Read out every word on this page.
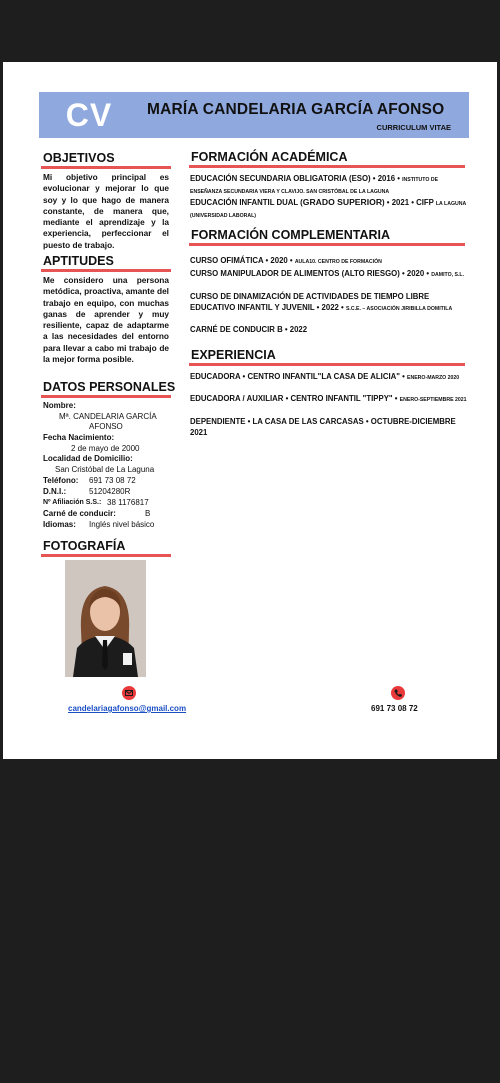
CV	MARÍA CANDELARIA GARCÍA AFONSO
CURRICULUM VITAE
OBJETIVOS
Mi objetivo principal es evolucionar y mejorar lo que soy y lo que hago de manera constante, de manera que, mediante el aprendizaje y la experiencia, perfeccionar el puesto de trabajo.
APTITUDES
Me considero una persona metódica, proactiva, amante del trabajo en equipo, con muchas ganas de aprender y muy resiliente, capaz de adaptarme a las necesidades del entorno para llevar a cabo mi trabajo de la mejor forma posible.
DATOS PERSONALES
Nombre:
Mª. CANDELARIA GARCÍA
AFONSO
Fecha Nacimiento:
2 de mayo de 2000
Localidad de Domicilio:
San Cristóbal de La Laguna
Teléfono: 691 73 08 72
D.N.I.:	51204280R
Nº Afiliación S.S.: 38 1176817
Carné de conducir:	B
Idiomas: Inglés nivel básico
FOTOGRAFÍA
FORMACIÓN ACADÉMICA
EDUCACIÓN SECUNDARIA OBLIGATORIA (ESO) • 2016 • INSTITUTO DE ENSEÑANZA SECUNDARIA VIERA Y CLAVIJO. SAN CRISTÓBAL DE LA LAGUNA
EDUCACIÓN INFANTIL DUAL (GRADO SUPERIOR) • 2021 • CIFP LA LAGUNA (UNIVERSIDAD LABORAL)
FORMACIÓN COMPLEMENTARIA
CURSO OFIMÁTICA • 2020 • AULA10. CENTRO DE FORMACIÓN
CURSO MANIPULADOR DE ALIMENTOS (ALTO RIESGO) • 2020 • DAMITO, S.L.
CURSO DE DINAMIZACIÓN DE ACTIVIDADES DE TIEMPO LIBRE EDUCATIVO INFANTIL Y JUVENIL • 2022 • S.C.E. – ASOCIACIÓN JIRIBILLA DOMITILA
CARNÉ DE CONDUCIR B • 2022
EXPERIENCIA
EDUCADORA • CENTRO INFANTIL"LA CASA DE ALICIA" • ENERO-MARZO 2020
EDUCADORA / AUXILIAR • CENTRO INFANTIL "TIPPY" • ENERO-SEPTIEMBRE 2021
DEPENDIENTE • LA CASA DE LAS CARCASAS • OCTUBRE-DICIEMBRE 2021
candelariagafonso@gmail.com	691 73 08 72
